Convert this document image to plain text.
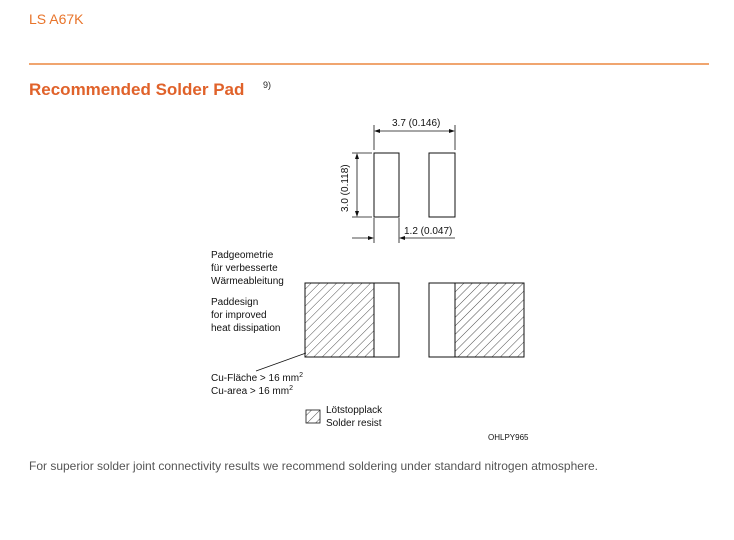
LS A67K
Recommended Solder Pad 9)
3.7 (0.146)
3.0 (0.118)
1.2 (0.047)
Padgeometrie
für verbesserte
Wärmeableitung
Paddesign
for improved
heat dissipation
Cu-Fläche > 16 $mm^2$
Cu-area > 16 $mm^2$
Lötstopplack
Solder resist
OHLPY965
For superior solder joint connectivity results we recommend soldering under standard nitrogen atmosphere.
